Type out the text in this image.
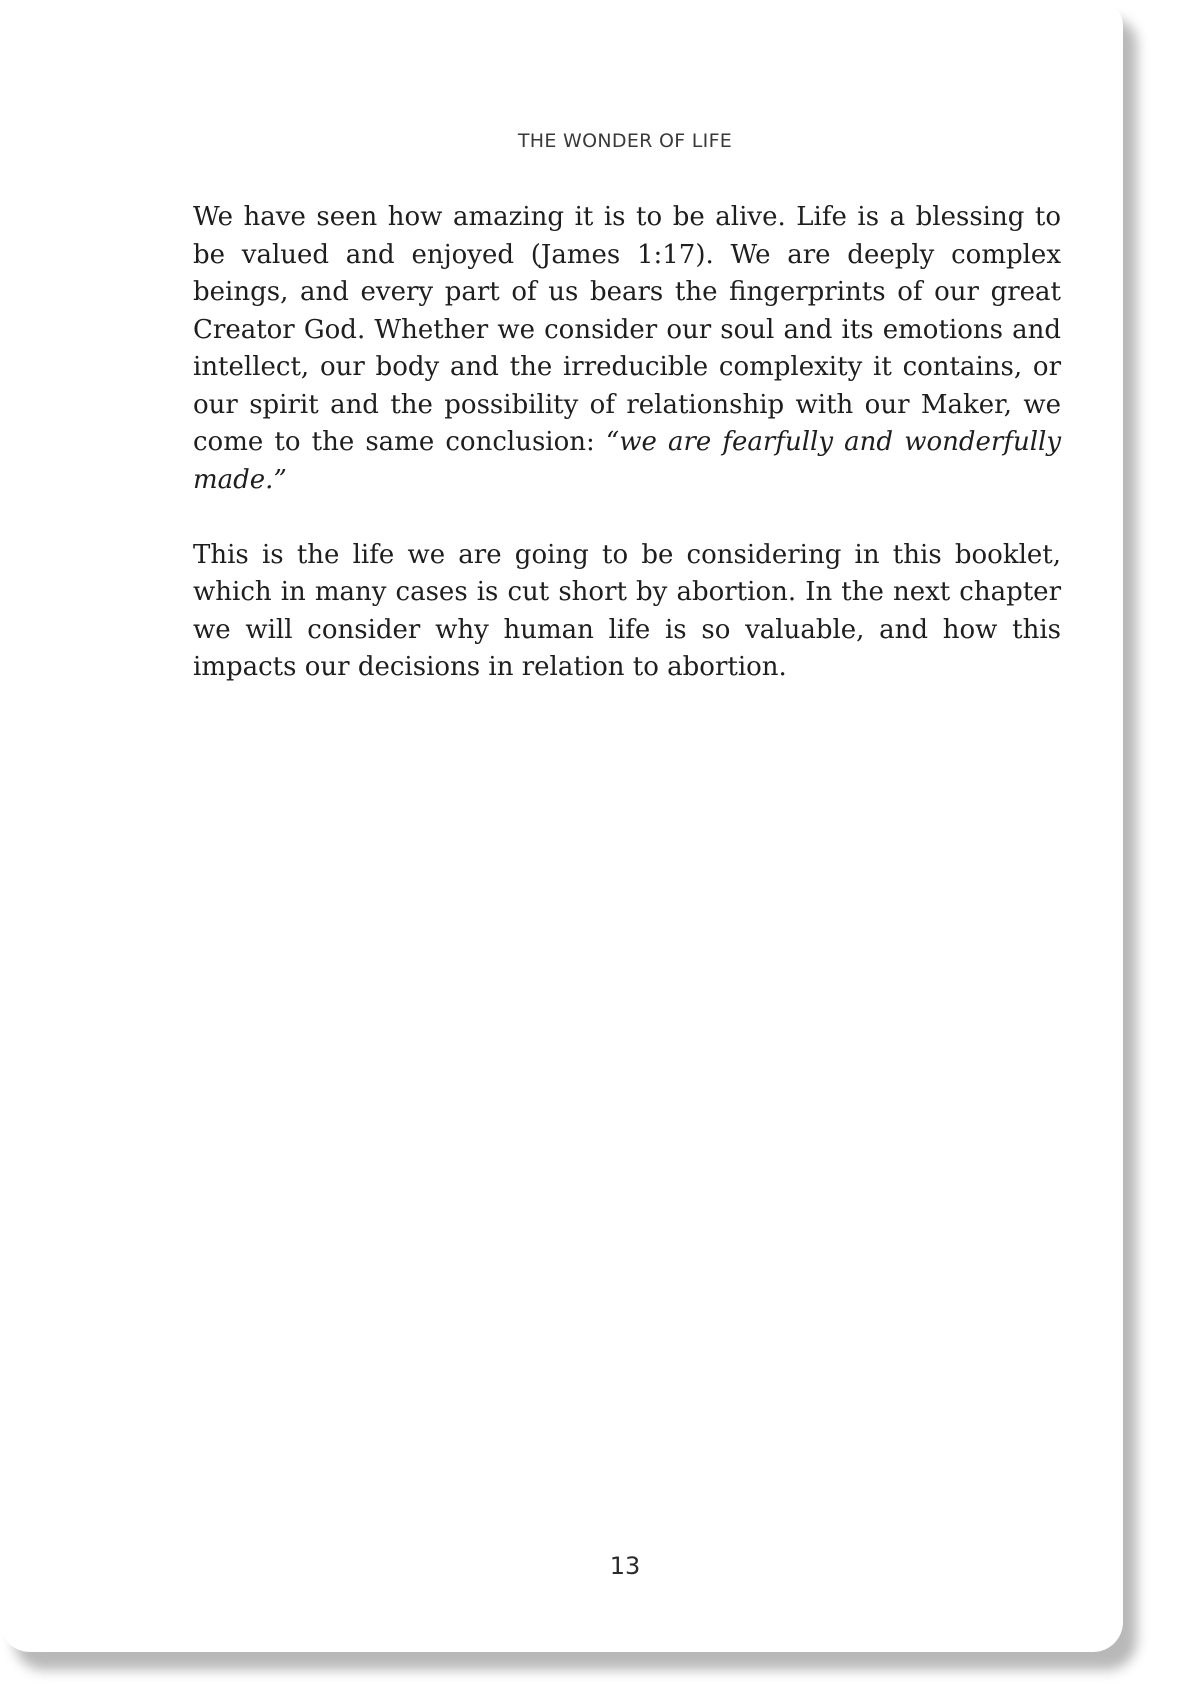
THE WONDER OF LIFE

We have seen how amazing it is to be alive. Life is a blessing to be valued and enjoyed (James 1:17). We are deeply complex beings, and every part of us bears the fingerprints of our great Creator God. Whether we consider our soul and its emotions and intellect, our body and the irreducible complexity it contains, or our spirit and the possibility of relationship with our Maker, we come to the same conclusion: “we are fearfully and wonderfully made.”

This is the life we are going to be considering in this booklet, which in many cases is cut short by abortion. In the next chapter we will consider why human life is so valuable, and how this impacts our decisions in relation to abortion.

13
